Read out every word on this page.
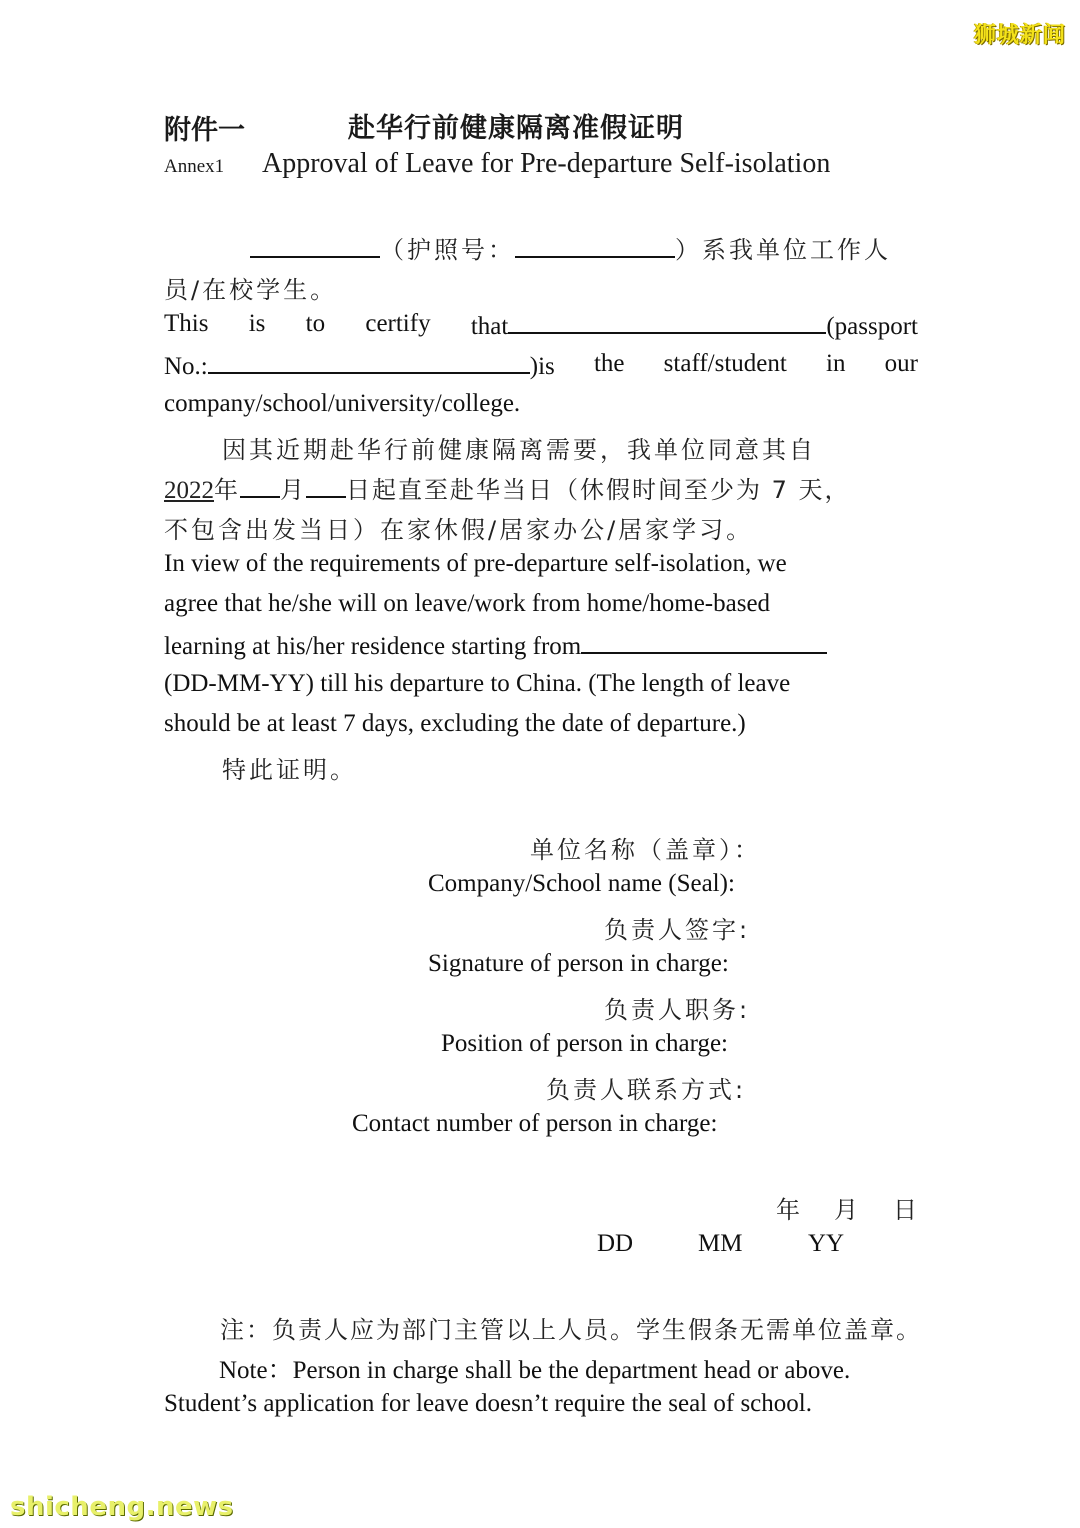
狮城新闻
shicheng.news
附件一	赴华行前健康隔离准假证明
Annex1 Approval of Leave for Pre-departure Self-isolation
（护照号：	）系我单位工作人
员/在校学生。
This is to certify that	(passport
No.:	)is the staff/student in our
company/school/university/college.
因其近期赴华行前健康隔离需要，我单位同意其自
2022年 月 日起直至赴华当日（休假时间至少为 7 天，
不包含出发当日）在家休假/居家办公/居家学习。
In view of the requirements of pre-departure self-isolation, we
agree that he/she will on leave/work from home/home-based
learning at his/her residence starting from
(DD-MM-YY) till his departure to China. (The length of leave
should be at least 7 days, excluding the date of departure.)
特此证明。
单位名称（盖章）：
Company/School name (Seal):
负责人签字:
Signature of person in charge:
负责人职务:
Position of person in charge:
负责人联系方式:
Contact number of person in charge:
年 月 日
DD	MM	YY
注：负责人应为部门主管以上人员。学生假条无需单位盖章。
Note：Person in charge shall be the department head or above.
Student’s application for leave doesn’t require the seal of school.
